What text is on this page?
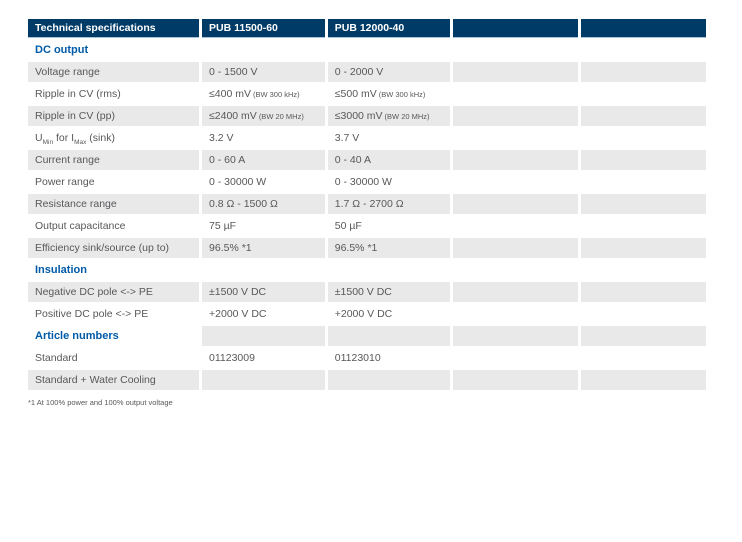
Technical specifications	PUB 11500-60	PUB 12000-40		
DC output				
Voltage range	0 - 1500 V	0 - 2000 V		
Ripple in CV (rms)	≤400 mV (BW 300 kHz)	≤500 mV (BW 300 kHz)		
Ripple in CV (pp)	≤2400 mV (BW 20 MHz)	≤3000 mV (BW 20 MHz)		
$U_{Min}$ for $I_{Max}$ (sink)	3.2 V	3.7 V		
Current range	0 - 60 A	0 - 40 A		
Power range	0 - 30000 W	0 - 30000 W		
Resistance range	0.8 Ω - 1500 Ω	1.7 Ω - 2700 Ω		
Output capacitance	75 µF	50 µF		
Efficiency sink/source (up to)	96.5% *1	96.5% *1		
Insulation				
Negative DC pole <-> PE	±1500 V DC	±1500 V DC		
Positive DC pole <-> PE	+2000 V DC	+2000 V DC		
Article numbers				
Standard	01123009	01123010		
Standard + Water Cooling				
*1 At 100% power and 100% output voltage
